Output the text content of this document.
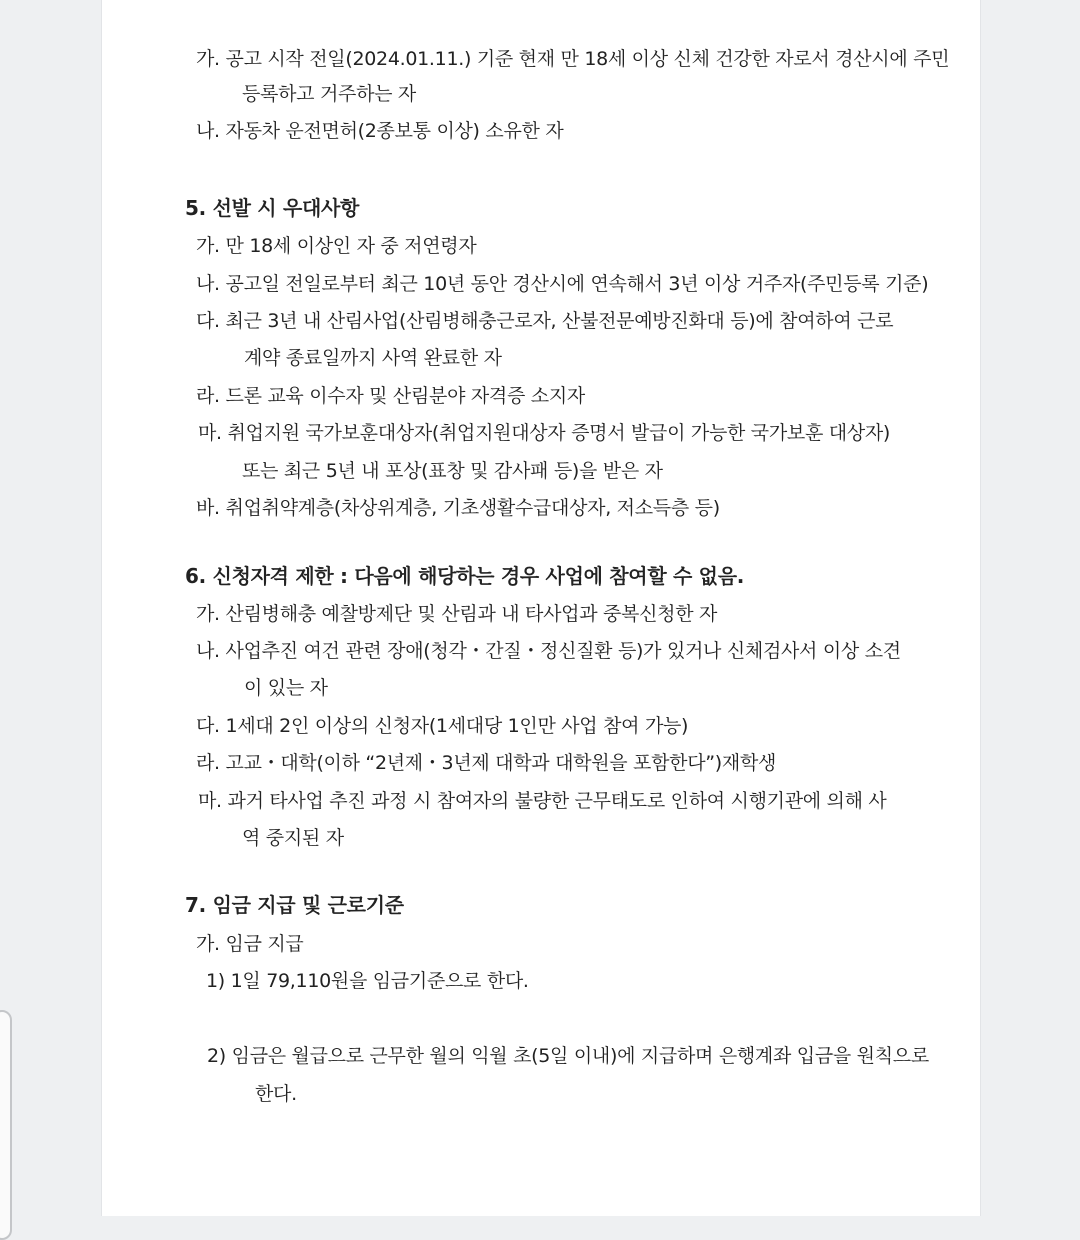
가. 공고 시작 전일(2024.01.11.) 기준 현재 만 18세 이상 신체 건강한 자로서 경산시에 주민
등록하고 거주하는 자
나. 자동차 운전면허(2종보통 이상) 소유한 자
5. 선발 시 우대사항
가. 만 18세 이상인 자 중 저연령자
나. 공고일 전일로부터 최근 10년 동안 경산시에 연속해서 3년 이상 거주자(주민등록 기준)
다. 최근 3년 내 산림사업(산림병해충근로자, 산불전문예방진화대 등)에 참여하여 근로
계약 종료일까지 사역 완료한 자
라. 드론 교육 이수자 및 산림분야 자격증 소지자
마. 취업지원 국가보훈대상자(취업지원대상자 증명서 발급이 가능한 국가보훈 대상자)
또는 최근 5년 내 포상(표창 및 감사패 등)을 받은 자
바. 취업취약계층(차상위계층, 기초생활수급대상자, 저소득층 등)
6. 신청자격 제한 : 다음에 해당하는 경우 사업에 참여할 수 없음.
가. 산림병해충 예찰방제단 및 산림과 내 타사업과 중복신청한 자
나. 사업추진 여건 관련 장애(청각・간질・정신질환 등)가 있거나 신체검사서 이상 소견
이 있는 자
다. 1세대 2인 이상의 신청자(1세대당 1인만 사업 참여 가능)
라. 고교・대학(이하 “2년제・3년제 대학과 대학원을 포함한다”)재학생
마. 과거 타사업 추진 과정 시 참여자의 불량한 근무태도로 인하여 시행기관에 의해 사
역 중지된 자
7. 임금 지급 및 근로기준
가. 임금 지급
1) 1일 79,110원을 임금기준으로 한다.
2) 임금은 월급으로 근무한 월의 익월 초(5일 이내)에 지급하며 은행계좌 입금을 원칙으로
한다.
